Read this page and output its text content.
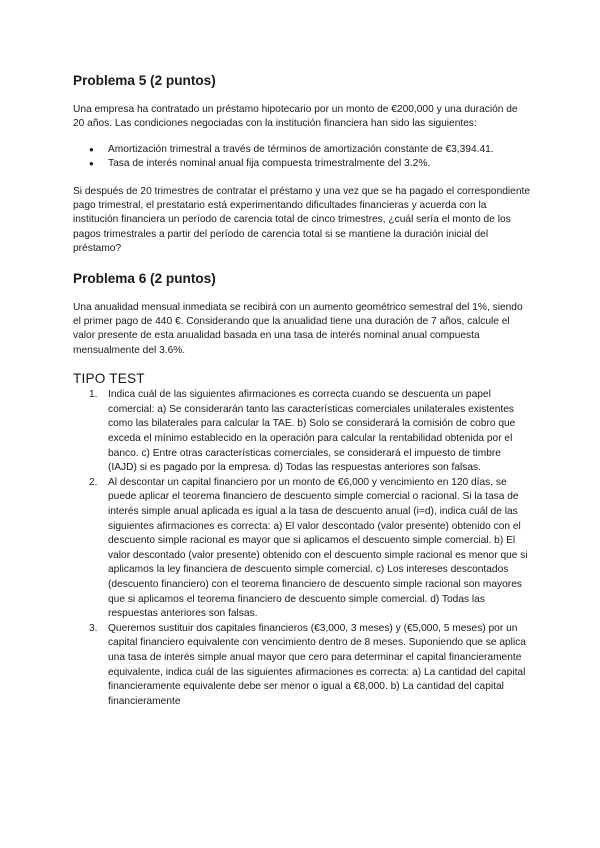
Problema 5 (2 puntos)

Una empresa ha contratado un préstamo hipotecario por un monto de €200,000 y una duración de 20 años. Las condiciones negociadas con la institución financiera han sido las siguientes:

● Amortización trimestral a través de términos de amortización constante de €3,394.41.
● Tasa de interés nominal anual fija compuesta trimestralmente del 3.2%.

Si después de 20 trimestres de contratar el préstamo y una vez que se ha pagado el correspondiente pago trimestral, el prestatario está experimentando dificultades financieras y acuerda con la institución financiera un período de carencia total de cinco trimestres, ¿cuál sería el monto de los pagos trimestrales a partir del período de carencia total si se mantiene la duración inicial del préstamo?

Problema 6 (2 puntos)

Una anualidad mensual inmediata se recibirá con un aumento geométrico semestral del 1%, siendo el primer pago de 440 €. Considerando que la anualidad tiene una duración de 7 años, calcule el valor presente de esta anualidad basada en una tasa de interés nominal anual compuesta mensualmente del 3.6%.

TIPO TEST
1. Indica cuál de las siguientes afirmaciones es correcta cuando se descuenta un papel comercial: a) Se considerarán tanto las características comerciales unilaterales existentes como las bilaterales para calcular la TAE. b) Solo se considerará la comisión de cobro que exceda el mínimo establecido en la operación para calcular la rentabilidad obtenida por el banco. c) Entre otras características comerciales, se considerará el impuesto de timbre (IAJD) si es pagado por la empresa. d) Todas las respuestas anteriores son falsas.
2. Al descontar un capital financiero por un monto de €6,000 y vencimiento en 120 días, se puede aplicar el teorema financiero de descuento simple comercial o racional. Si la tasa de interés simple anual aplicada es igual a la tasa de descuento anual (i=d), indica cuál de las siguientes afirmaciones es correcta: a) El valor descontado (valor presente) obtenido con el descuento simple racional es mayor que si aplicamos el descuento simple comercial. b) El valor descontado (valor presente) obtenido con el descuento simple racional es menor que si aplicamos la ley financiera de descuento simple comercial. c) Los intereses descontados (descuento financiero) con el teorema financiero de descuento simple racional son mayores que si aplicamos el teorema financiero de descuento simple comercial. d) Todas las respuestas anteriores son falsas.
3. Queremos sustituir dos capitales financieros (€3,000, 3 meses) y (€5,000, 5 meses) por un capital financiero equivalente con vencimiento dentro de 8 meses. Suponiendo que se aplica una tasa de interés simple anual mayor que cero para determinar el capital financieramente equivalente, indica cuál de las siguientes afirmaciones es correcta: a) La cantidad del capital financieramente equivalente debe ser menor o igual a €8,000. b) La cantidad del capital financieramente
